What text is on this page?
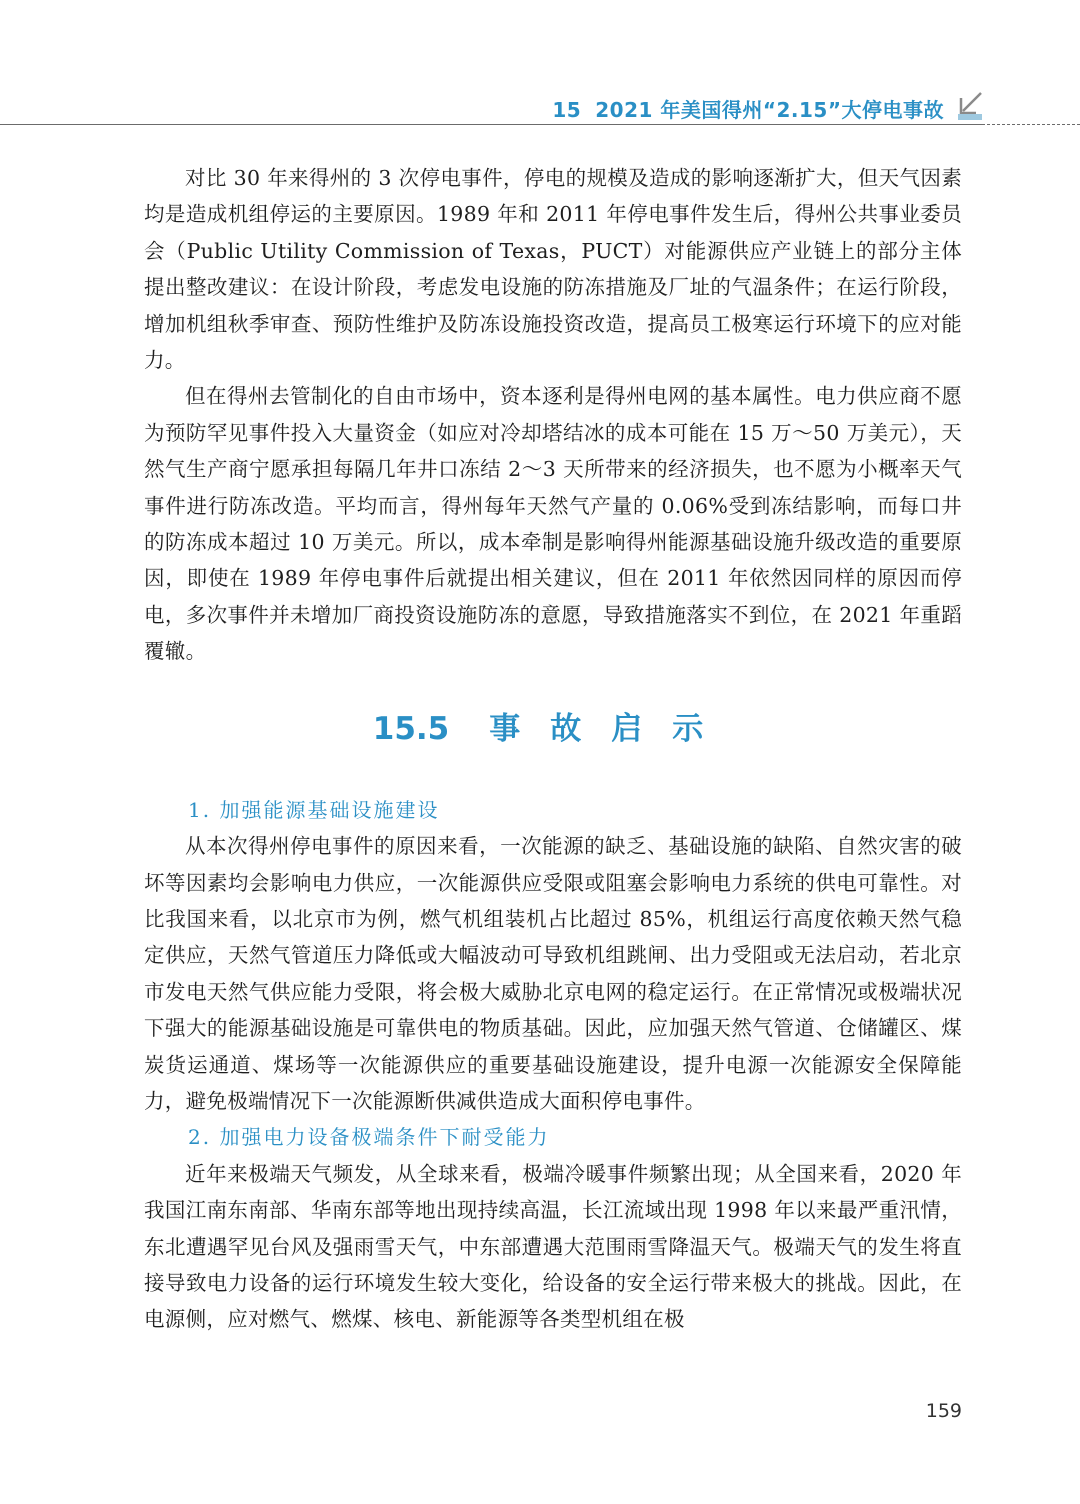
15 2021 年美国得州“2.15”大停电事故

对比 30 年来得州的 3 次停电事件，停电的规模及造成的影响逐渐扩大，但天气因素均是造成机组停运的主要原因。1989 年和 2011 年停电事件发生后，得州公共事业委员会（Public Utility Commission of Texas，PUCT）对能源供应产业链上的部分主体提出整改建议：在设计阶段，考虑发电设施的防冻措施及厂址的气温条件；在运行阶段，增加机组秋季审查、预防性维护及防冻设施投资改造，提高员工极寒运行环境下的应对能力。

但在得州去管制化的自由市场中，资本逐利是得州电网的基本属性。电力供应商不愿为预防罕见事件投入大量资金（如应对冷却塔结冰的成本可能在 15 万～50 万美元），天然气生产商宁愿承担每隔几年井口冻结 2～3 天所带来的经济损失，也不愿为小概率天气事件进行防冻改造。平均而言，得州每年天然气产量的 0.06%受到冻结影响，而每口井的防冻成本超过 10 万美元。所以，成本牵制是影响得州能源基础设施升级改造的重要原因，即使在 1989 年停电事件后就提出相关建议，但在 2011 年依然因同样的原因而停电，多次事件并未增加厂商投资设施防冻的意愿，导致措施落实不到位，在 2021 年重蹈覆辙。

15.5 事故启示
1. 加强能源基础设施建设

从本次得州停电事件的原因来看，一次能源的缺乏、基础设施的缺陷、自然灾害的破坏等因素均会影响电力供应，一次能源供应受限或阻塞会影响电力系统的供电可靠性。对比我国来看，以北京市为例，燃气机组装机占比超过 85%，机组运行高度依赖天然气稳定供应，天然气管道压力降低或大幅波动可导致机组跳闸、出力受阻或无法启动，若北京市发电天然气供应能力受限，将会极大威胁北京电网的稳定运行。在正常情况或极端状况下强大的能源基础设施是可靠供电的物质基础。因此，应加强天然气管道、仓储罐区、煤炭货运通道、煤场等一次能源供应的重要基础设施建设，提升电源一次能源安全保障能力，避免极端情况下一次能源断供减供造成大面积停电事件。

2. 加强电力设备极端条件下耐受能力

近年来极端天气频发，从全球来看，极端冷暖事件频繁出现；从全国来看，2020 年我国江南东南部、华南东部等地出现持续高温，长江流域出现 1998 年以来最严重汛情，东北遭遇罕见台风及强雨雪天气，中东部遭遇大范围雨雪降温天气。极端天气的发生将直接导致电力设备的运行环境发生较大变化，给设备的安全运行带来极大的挑战。因此，在电源侧，应对燃气、燃煤、核电、新能源等各类型机组在极

159
